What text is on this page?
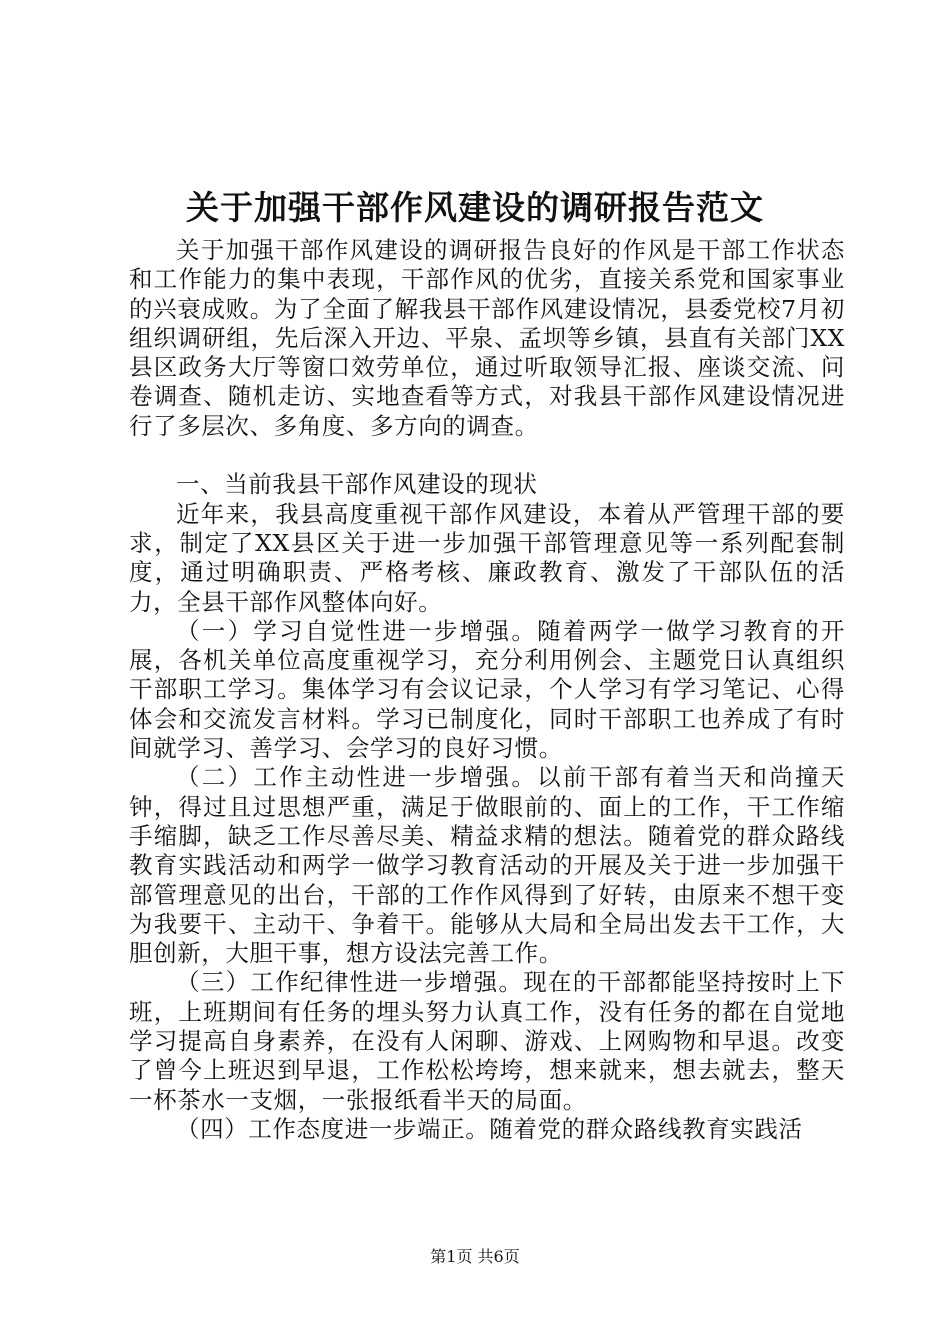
关于加强干部作风建设的调研报告范文

关于加强干部作风建设的调研报告良好的作风是干部工作状态和工作能力的集中表现，干部作风的优劣，直接关系党和国家事业的兴衰成败。为了全面了解我县干部作风建设情况，县委党校7月初组织调研组，先后深入开边、平泉、孟坝等乡镇，县直有关部门XX县区政务大厅等窗口效劳单位，通过听取领导汇报、座谈交流、问卷调查、随机走访、实地查看等方式，对我县干部作风建设情况进行了多层次、多角度、多方向的调查。

一、当前我县干部作风建设的现状

近年来，我县高度重视干部作风建设，本着从严管理干部的要求，制定了XX县区关于进一步加强干部管理意见等一系列配套制度，通过明确职责、严格考核、廉政教育、激发了干部队伍的活力，全县干部作风整体向好。

（一）学习自觉性进一步增强。随着两学一做学习教育的开展，各机关单位高度重视学习，充分利用例会、主题党日认真组织干部职工学习。集体学习有会议记录，个人学习有学习笔记、心得体会和交流发言材料。学习已制度化，同时干部职工也养成了有时间就学习、善学习、会学习的良好习惯。

（二）工作主动性进一步增强。以前干部有着当天和尚撞天钟，得过且过思想严重，满足于做眼前的、面上的工作，干工作缩手缩脚，缺乏工作尽善尽美、精益求精的想法。随着党的群众路线教育实践活动和两学一做学习教育活动的开展及关于进一步加强干部管理意见的出台，干部的工作作风得到了好转，由原来不想干变为我要干、主动干、争着干。能够从大局和全局出发去干工作，大胆创新，大胆干事，想方设法完善工作。

（三）工作纪律性进一步增强。现在的干部都能坚持按时上下班，上班期间有任务的埋头努力认真工作，没有任务的都在自觉地学习提高自身素养，在没有人闲聊、游戏、上网购物和早退。改变了曾今上班迟到早退，工作松松垮垮，想来就来，想去就去，整天一杯茶水一支烟，一张报纸看半天的局面。

（四）工作态度进一步端正。随着党的群众路线教育实践活

第1页 共6页
